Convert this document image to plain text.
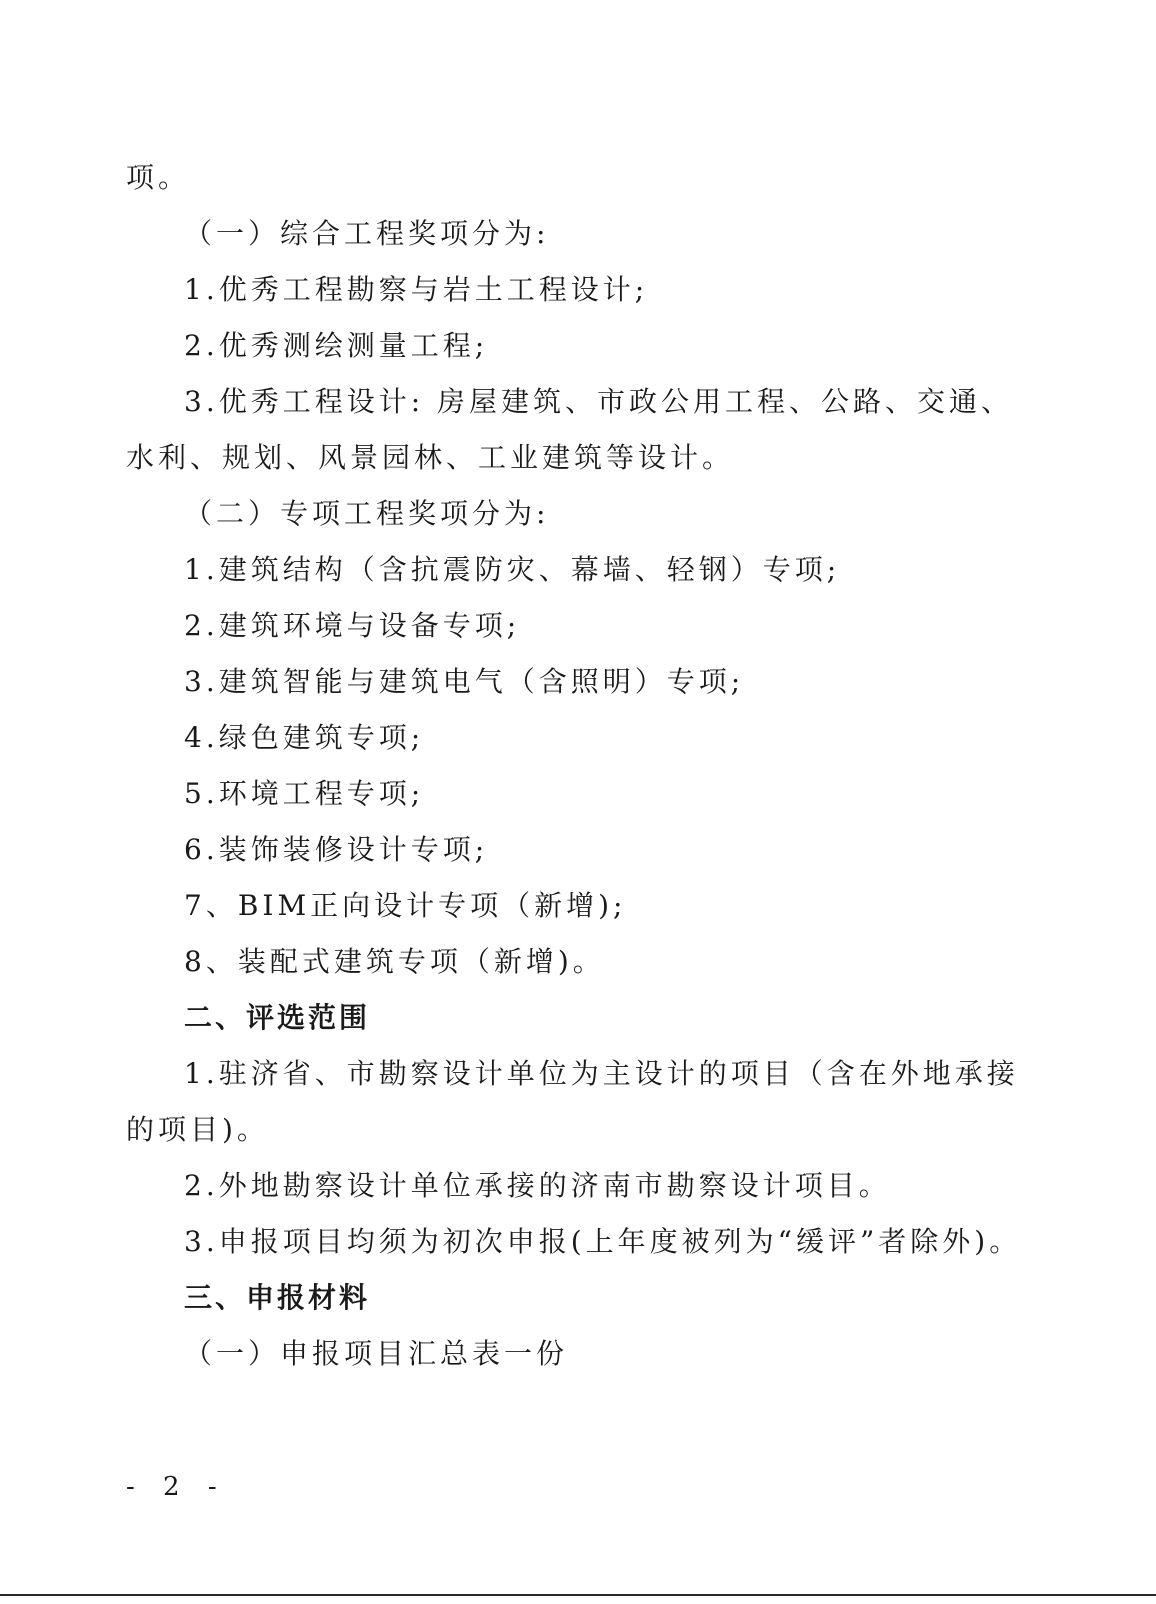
项。
（一）综合工程奖项分为:
1.优秀工程勘察与岩土工程设计;
2.优秀测绘测量工程;
3.优秀工程设计: 房屋建筑、市政公用工程、公路、交通、
水利、规划、风景园林、工业建筑等设计。
（二）专项工程奖项分为:
1.建筑结构（含抗震防灾、幕墙、轻钢）专项;
2.建筑环境与设备专项;
3.建筑智能与建筑电气（含照明）专项;
4.绿色建筑专项;
5.环境工程专项;
6.装饰装修设计专项;
7、BIM正向设计专项（新增);
8、装配式建筑专项（新增)。
二、评选范围
1.驻济省、市勘察设计单位为主设计的项目（含在外地承接
的项目)。
2.外地勘察设计单位承接的济南市勘察设计项目。
3.申报项目均须为初次申报(上年度被列为“缓评”者除外)。
三、申报材料
（一）申报项目汇总表一份
- 2 -
